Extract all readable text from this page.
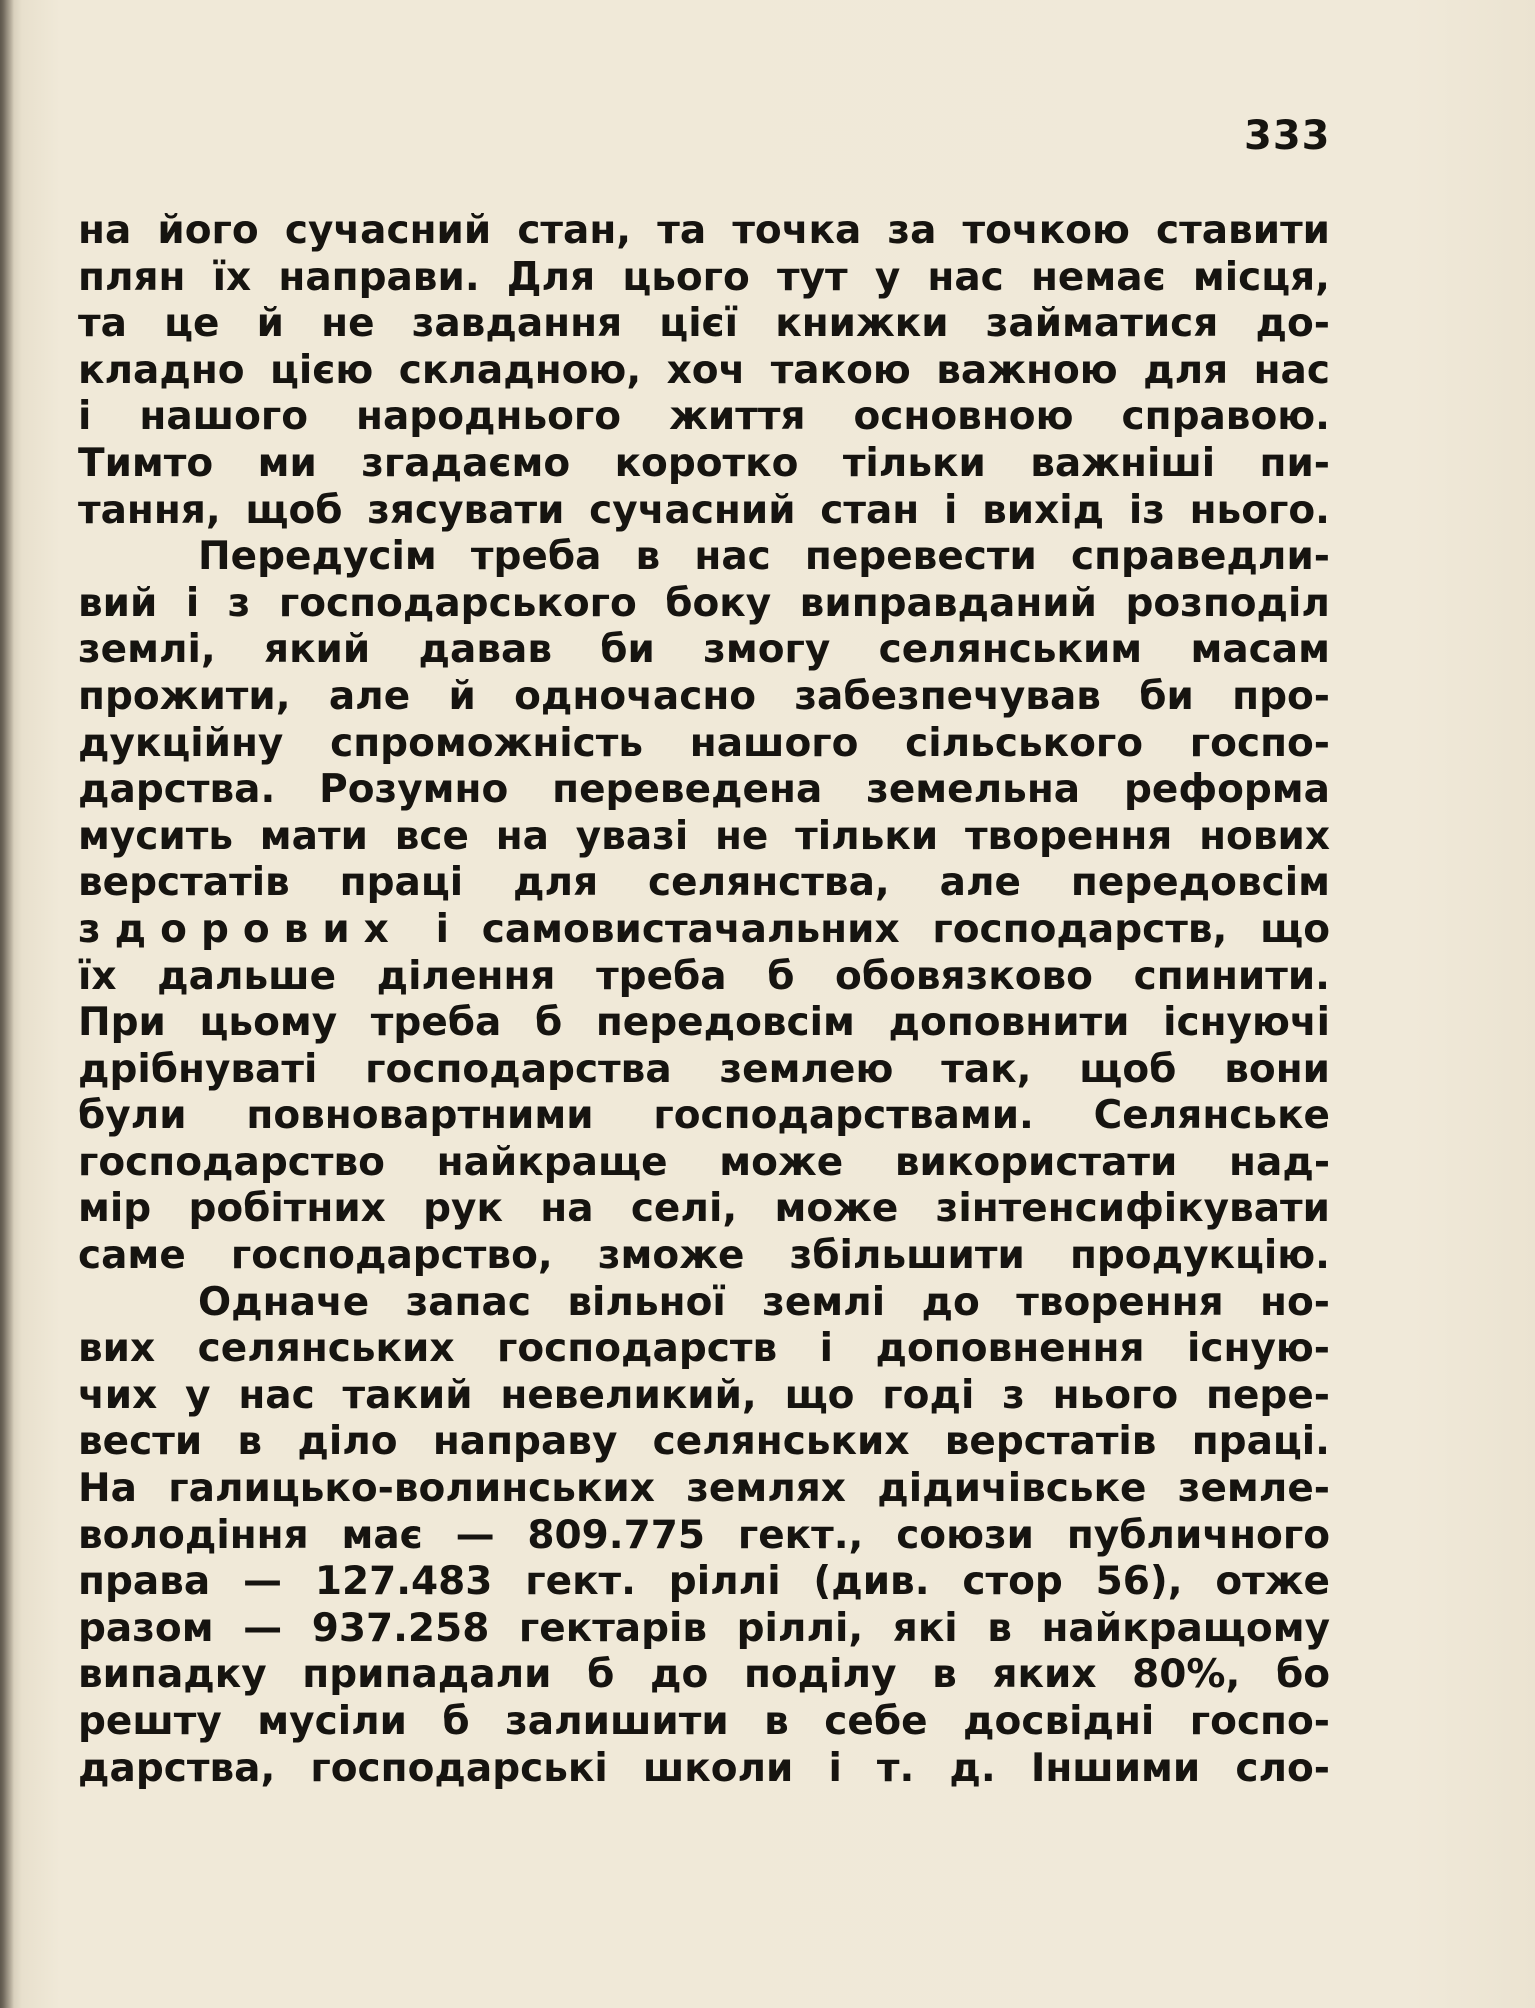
333
на його сучасний стан, та точка за точкою ставити
плян їх направи. Для цього тут у нас немає місця,
та це й не завдання цієї книжки займатися до-
кладно цією складною, хоч такою важною для нас
і нашого народнього життя основною справою.
Тимто ми згадаємо коротко тільки важніші пи-
тання, щоб зясувати сучасний стан і вихід із нього.
Передусім треба в нас перевести справедли-
вий і з господарського боку виправданий розподіл
землі, який давав би змогу селянським масам
прожити, але й одночасно забезпечував би про-
дукційну спроможність нашого сільського госпо-
дарства. Розумно переведена земельна реформа
мусить мати все на увазі не тільки творення нових
верстатів праці для селянства, але передовсім
здорових і самовистачальних господарств, що
їх дальше ділення треба б обовязково спинити.
При цьому треба б передовсім доповнити існуючі
дрібнуваті господарства землею так, щоб вони
були повновартними господарствами. Селянське
господарство найкраще може використати над-
мір робітних рук на селі, може зінтенсифікувати
саме господарство, зможе збільшити продукцію.
Одначе запас вільної землі до творення но-
вих селянських господарств і доповнення існую-
чих у нас такий невеликий, що годі з нього пере-
вести в діло направу селянських верстатів праці.
На галицько-волинських землях дідичівське земле-
володіння має — 809.775 гект., союзи публичного
права — 127.483 гект. ріллі (див. стор 56), отже
разом — 937.258 гектарів ріллі, які в найкращому
випадку припадали б до поділу в яких 80%, бо
решту мусіли б залишити в себе досвідні госпо-
дарства, господарські школи і т. д. Іншими сло-
